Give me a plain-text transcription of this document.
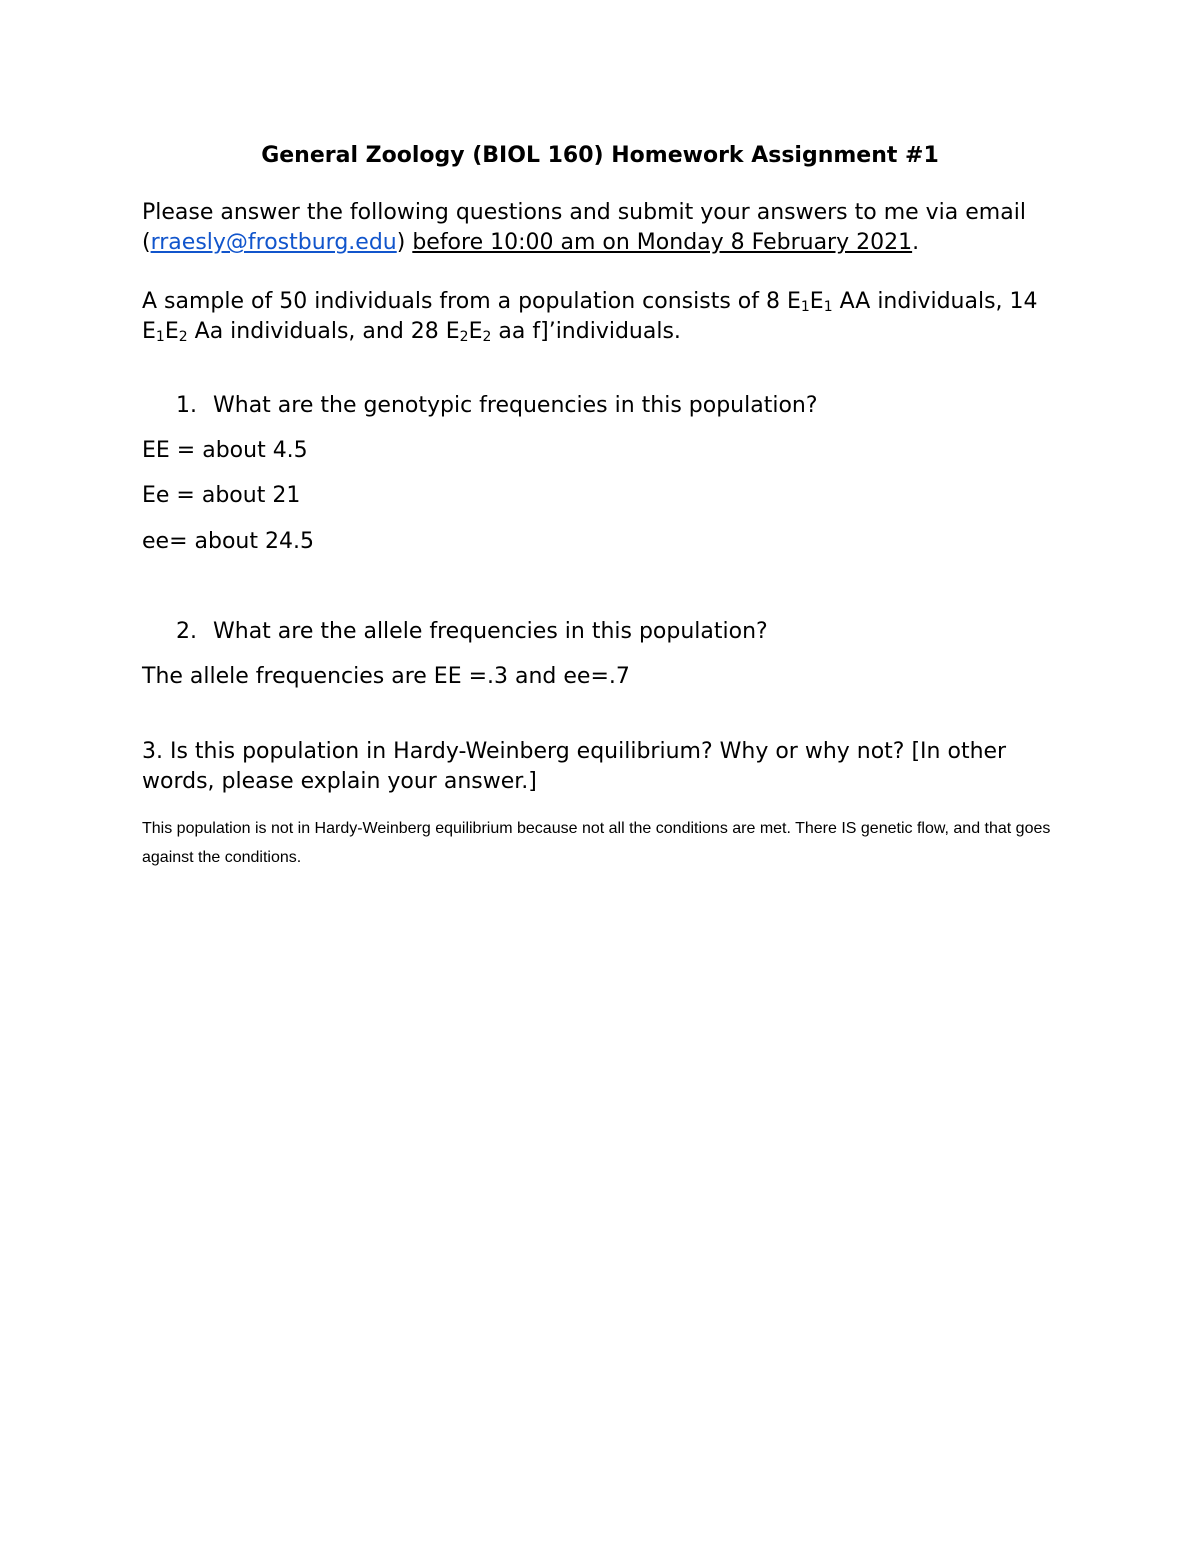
General Zoology (BIOL 160) Homework Assignment #1
Please answer the following questions and submit your answers to me via email (rraesly@frostburg.edu) before 10:00 am on Monday 8 February 2021.
A sample of 50 individuals from a population consists of 8 $E_1E_1$ AA individuals, 14 $E_1E_2$ Aa individuals, and 28 $E_2E_2$ aa f]’individuals.
1. What are the genotypic frequencies in this population?
EE = about 4.5
Ee = about 21
ee= about 24.5
2. What are the allele frequencies in this population?
The allele frequencies are EE =.3 and ee=.7
3. Is this population in Hardy-Weinberg equilibrium? Why or why not? [In other words, please explain your answer.]
This population is not in Hardy-Weinberg equilibrium because not all the conditions are met. There IS genetic flow, and that goes against the conditions.
